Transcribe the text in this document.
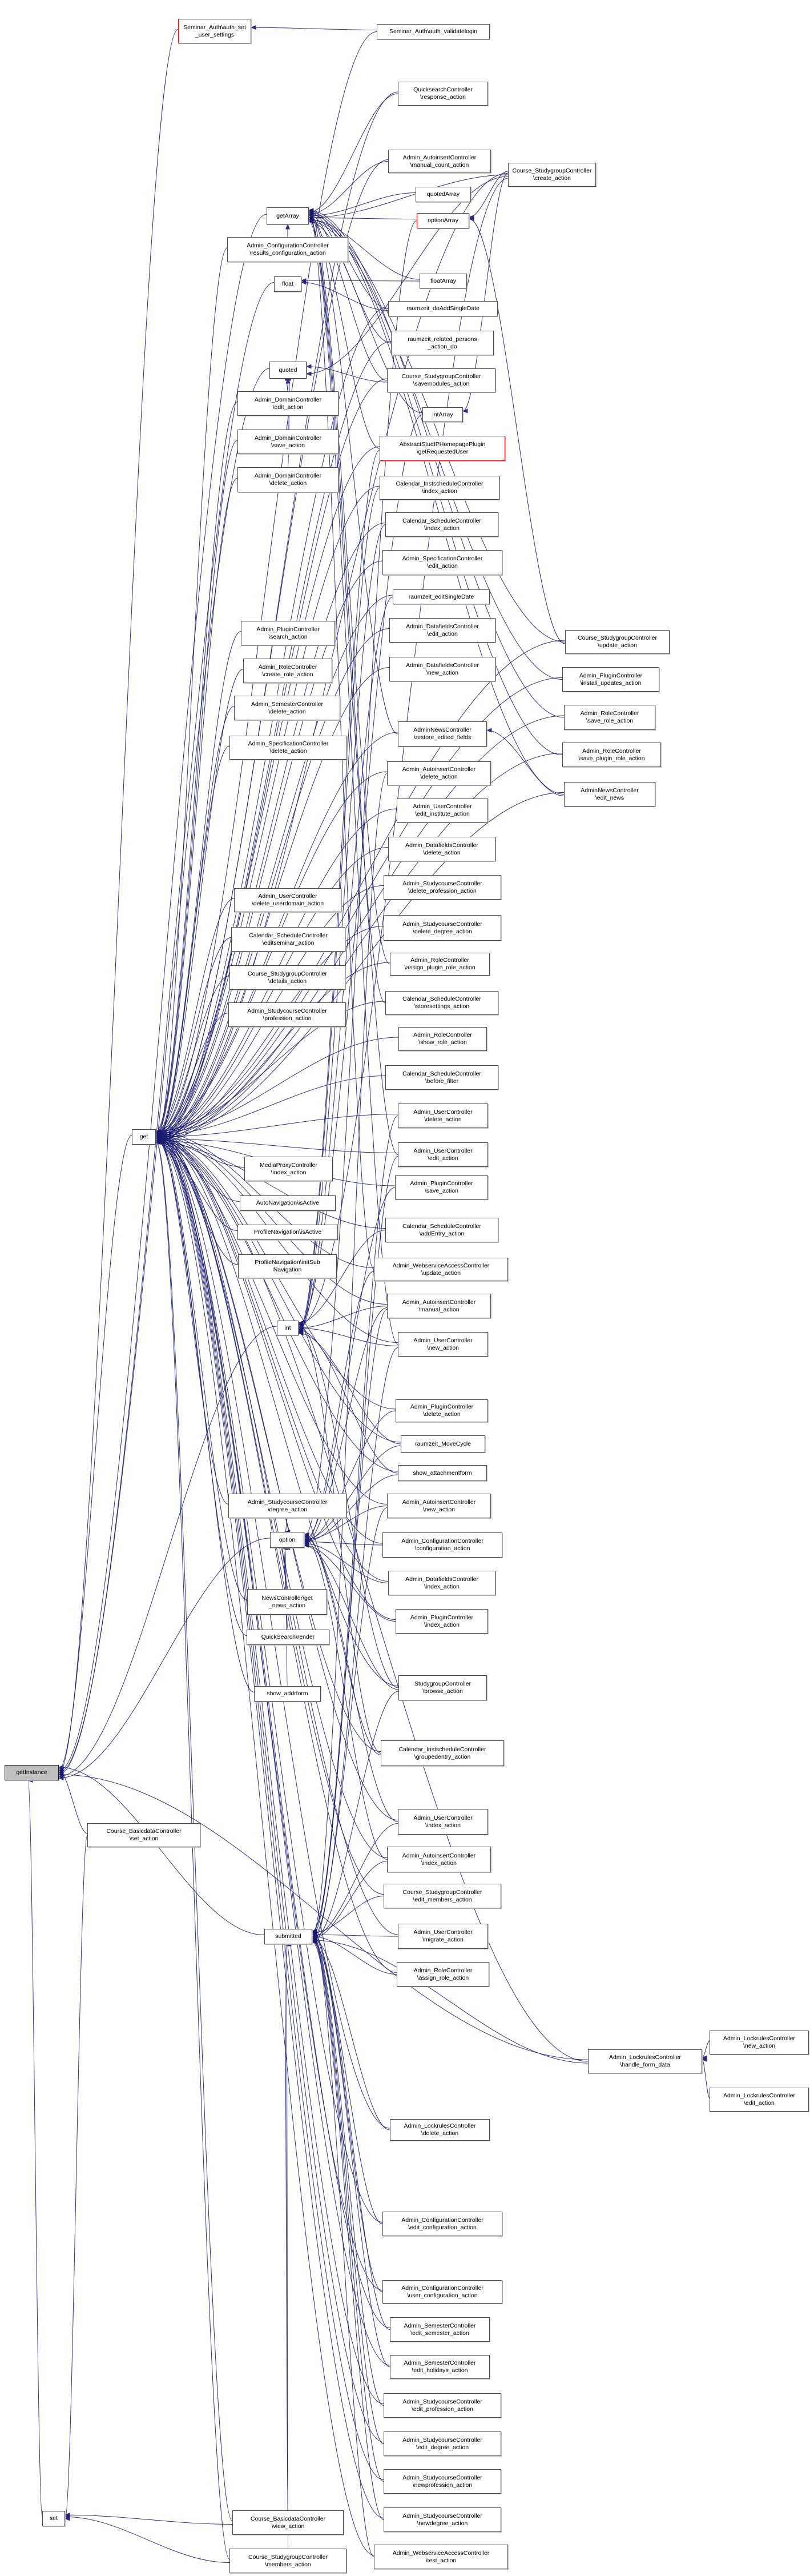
getInstance
get
set
Course_BasicdataController
\set_action
Seminar_Auth\auth_set
_user_settings	Seminar_Auth\auth_validatelogin
getArray
Admin_ConfigurationController
\results_configuration_action
float
quoted
Admin_DomainController
\edit_action
Admin_DomainController
\save_action
Admin_DomainController
\delete_action
Admin_PluginController
\search_action
Admin_RoleController
\create_role_action
Admin_SemesterController
\delete_action
Admin_SpecificationController
\delete_action
Admin_UserController
\delete_userdomain_action
Calendar_ScheduleController
\editseminar_action
Course_StudygroupController
\details_action
Admin_StudycourseController
\profession_action
MediaProxyController
\index_action
AutoNavigation\isActive
ProfileNavigation\isActive
ProfileNavigation\initSub
Navigation
int
Admin_StudycourseController
\degree_action
option
NewsController\get
_news_action
QuickSearch\render
show_addrform
submitted
Course_BasicdataController
\view_action
Course_StudygroupController
\members_action
QuicksearchController
\response_action
Admin_AutoinsertController
\manual_count_action
quotedArray
optionArray
floatArray
raumzeit_doAddSingleDate
raumzeit_related_persons
_action_do
Course_StudygroupController
\savemodules_action
intArray
AbstractStudIPHomepagePlugin
\getRequestedUser
Calendar_InstscheduleController
\index_action
Calendar_ScheduleController
\index_action
Admin_SpecificationController
\edit_action
raumzeit_editSingleDate
Admin_DatafieldsController
\edit_action
Admin_DatafieldsController
\new_action
AdminNewsController
\restore_edited_fields
Admin_AutoinsertController
\delete_action
Admin_UserController
\edit_institute_action
Admin_DatafieldsController
\delete_action
Admin_StudycourseController
\delete_profession_action
Admin_StudycourseController
\delete_degree_action
Admin_RoleController
\assign_plugin_role_action
Calendar_ScheduleController
\storesettings_action
Admin_RoleController
\show_role_action
Calendar_ScheduleController
\before_filter
Admin_UserController
\delete_action
Admin_UserController
\edit_action
Admin_PluginController
\save_action
Calendar_ScheduleController
\addEntry_action
Admin_WebserviceAccessController
\update_action
Admin_AutoinsertController
\manual_action
Admin_UserController
\new_action
Admin_PluginController
\delete_action
raumzeit_MoveCycle
show_attachmentform
Admin_AutoinsertController
\new_action
Admin_ConfigurationController
\configuration_action
Admin_DatafieldsController
\index_action
Admin_PluginController
\index_action
StudygroupController
\browse_action
Calendar_InstscheduleController
\groupedentry_action
Admin_UserController
\index_action
Admin_AutoinsertController
\index_action
Course_StudygroupController
\edit_members_action
Admin_UserController
\migrate_action
Admin_RoleController
\assign_role_action
Admin_LockrulesController
\delete_action
Admin_ConfigurationController
\edit_configuration_action
Admin_ConfigurationController
\user_configuration_action
Admin_SemesterController
\edit_semester_action
Admin_SemesterController
\edit_holidays_action
Admin_StudycourseController
\edit_profession_action
Admin_StudycourseController
\edit_degree_action
Admin_StudycourseController
\newprofession_action
Admin_StudycourseController
\newdegree_action
Admin_WebserviceAccessController
\test_action
Course_StudygroupController
\create_action
Course_StudygroupController
\update_action
Admin_PluginController
\install_updates_action
Admin_RoleController
\save_role_action
Admin_RoleController
\save_plugin_role_action
AdminNewsController
\edit_news
Admin_LockrulesController
\handle_form_data
Admin_LockrulesController
\new_action
Admin_LockrulesController
\edit_action
